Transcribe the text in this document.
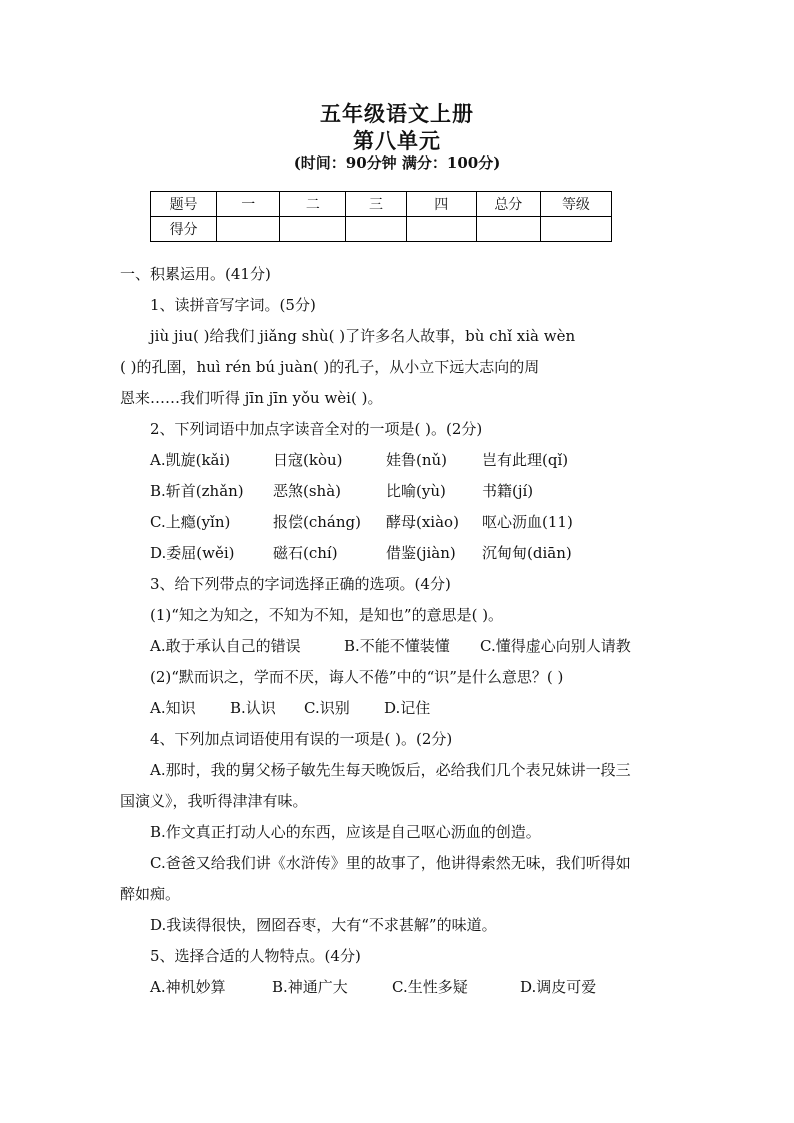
五年级语文上册
第八单元
(时间：90分钟 满分：100分)
题号	一	二	三	四	总分	等级
得分						
一、积累运用。(41分)
1、读拼音写字词。(5分)
jiù jiu( )给我们 jiǎng shù( )了许多名人故事，bù chǐ xià wèn
( )的孔圉，huì rén bú juàn( )的孔子，从小立下远大志向的周
恩来……我们听得 jīn jīn yǒu wèi( )。
2、下列词语中加点字读音全对的一项是( )。(2分)
A.凯旋(kǎi)	日寇(kòu)	娃鲁(nǔ) 岂有此理(qǐ)
B.斩首(zhǎn) 恶煞(shà)	比喻(yù) 书籍(jí)
C.上瘾(yǐn)	报偿(cháng) 酵母(xiào) 呕心沥血(11)
D.委屈(wěi)	磁石(chí)	借鉴(jiàn) 沉甸甸(diān)
3、给下列带点的字词选择正确的选项。(4分)
(1)“知之为知之，不知为不知，是知也”的意思是( )。
A.敢于承认自己的错误	B.不能不懂装懂 C.懂得虚心向别人请教
(2)“默而识之，学而不厌，诲人不倦”中的“识”是什么意思？( )
A.知识 B.认识 C.识别 D.记住
4、下列加点词语使用有误的一项是( )。(2分)
A.那时，我的舅父杨子敏先生每天晚饭后，必给我们几个表兄妹讲一段三
国演义》，我听得津津有味。
B.作文真正打动人心的东西，应该是自己呕心沥血的创造。
C.爸爸又给我们讲《水浒传》里的故事了，他讲得索然无味，我们听得如
醉如痴。
D.我读得很快，囫囵吞枣，大有“不求甚解”的味道。
5、选择合适的人物特点。(4分)
A.神机妙算	B.神通广大	C.生性多疑	D.调皮可爱
